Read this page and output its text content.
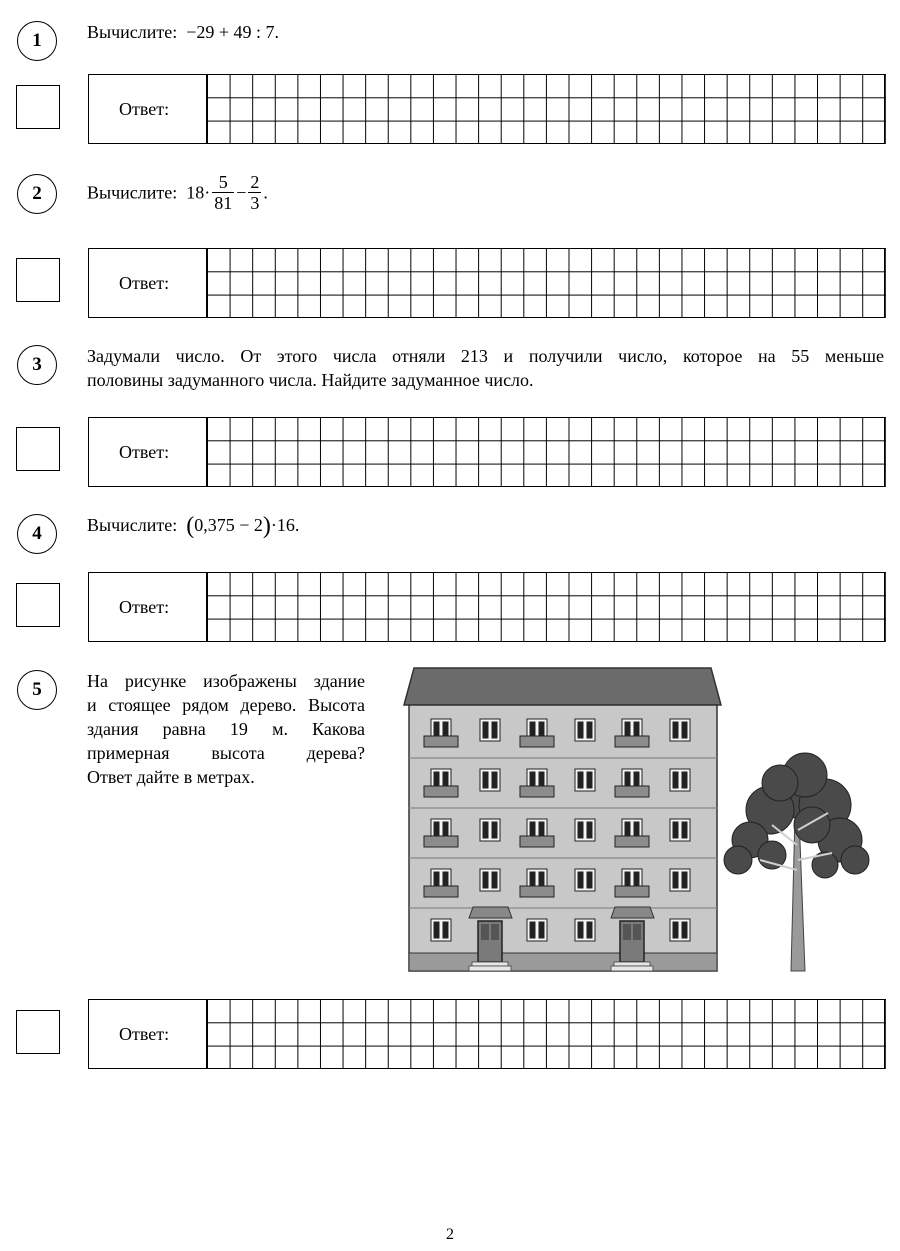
1	Вычислите: −29 + 49 : 7.
Ответ:
2	Вычислите: $18\cdot \frac{5}{81} - \frac{2}{3}$ .
Ответ:
3	Задумали число. От этого числа отняли 213 и получили число, которое на 55 меньше
половины задуманного числа. Найдите задуманное число.
Ответ:
4	Вычислите: (0,375 − 2)·16.
Ответ:
5	На рисунке изображены здание
и стоящее рядом дерево. Высота
здания равна 19 м. Какова
примерная высота дерева?
Ответ дайте в метрах.
Ответ:
2
